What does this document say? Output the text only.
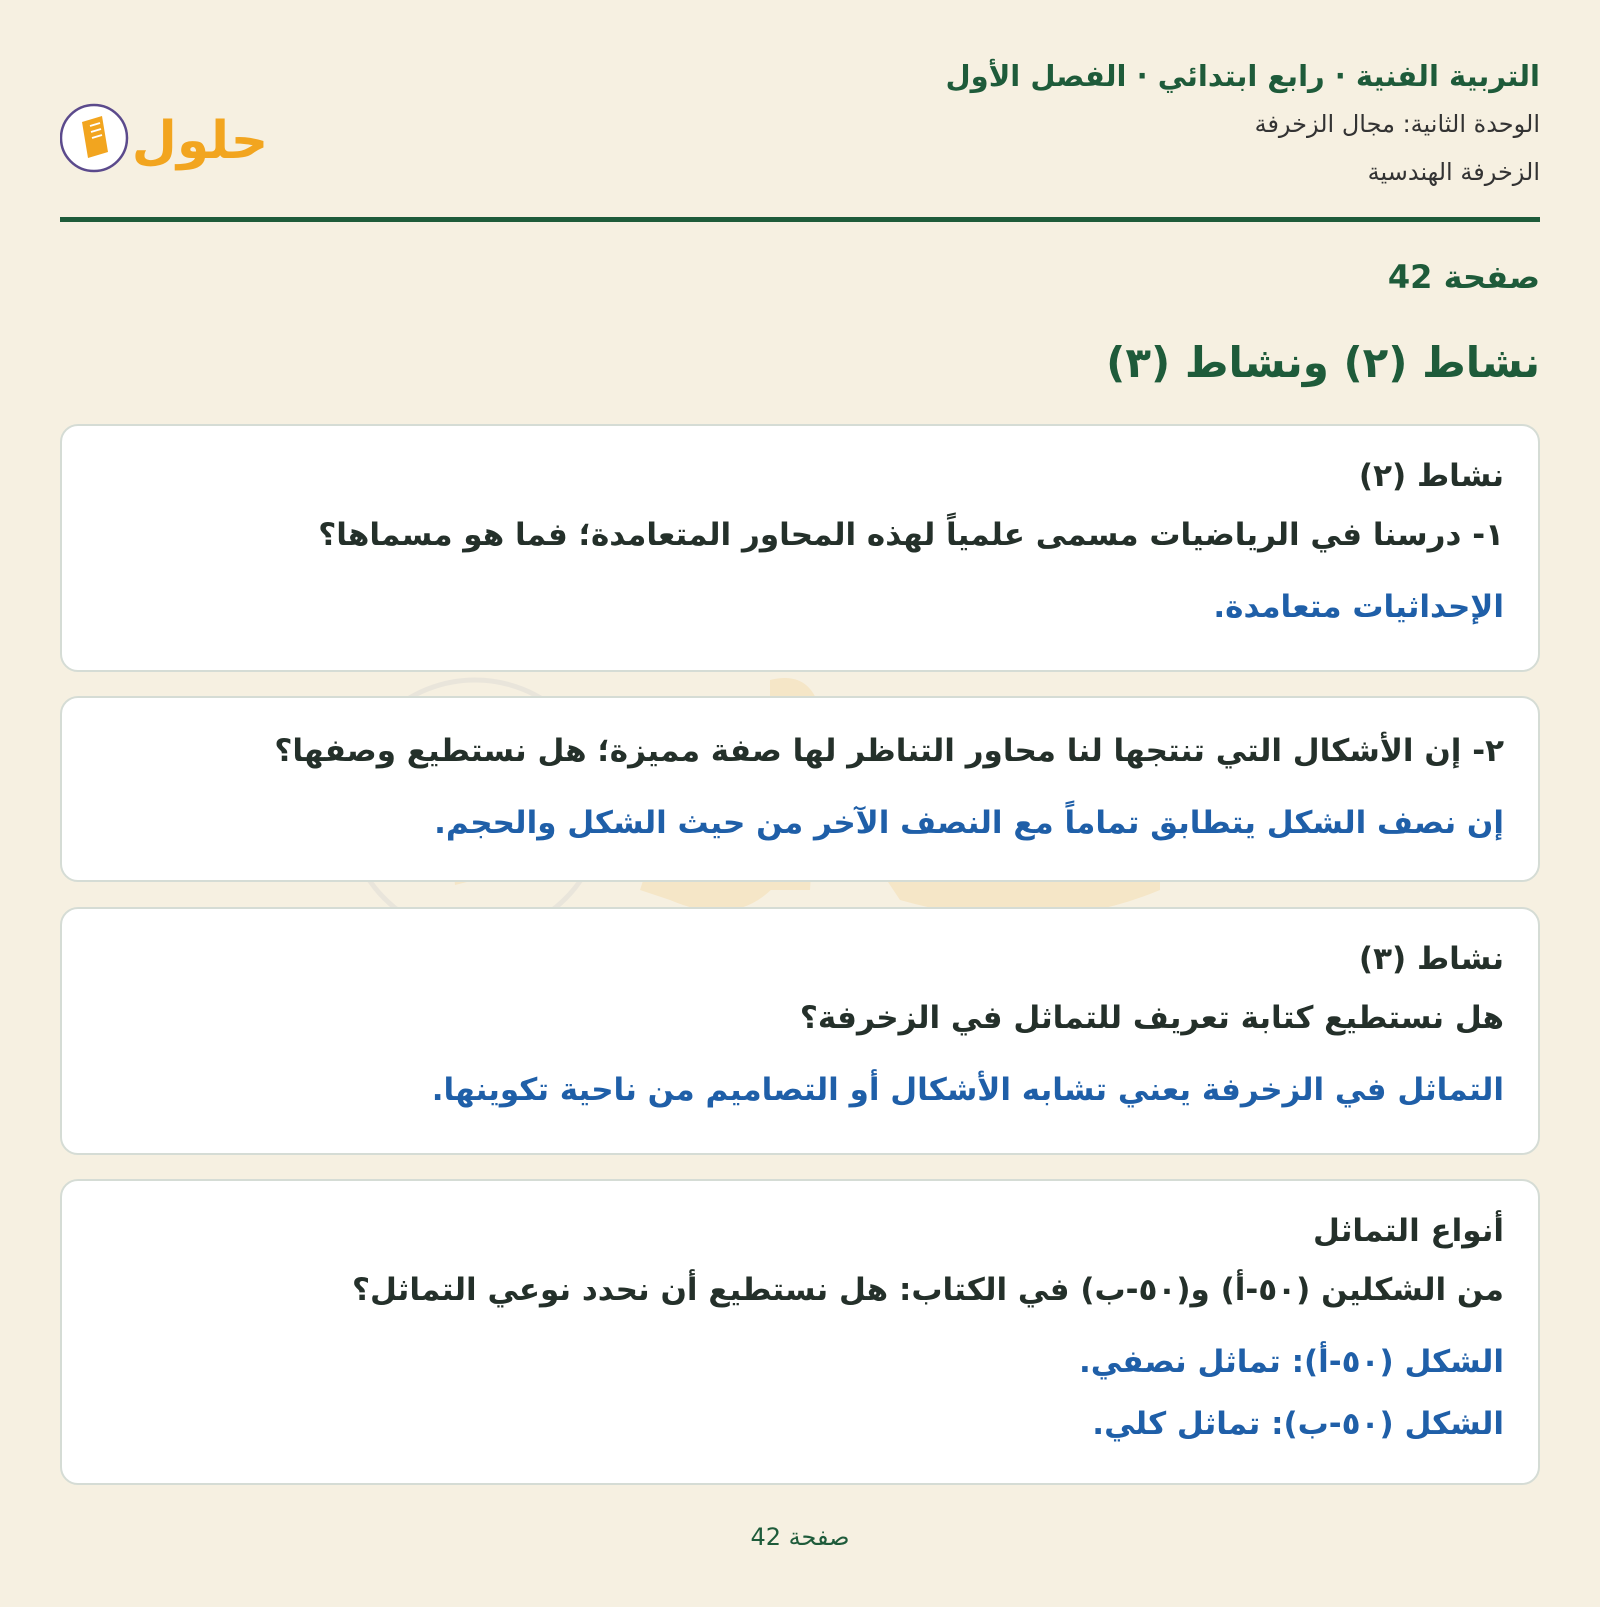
التربية الفنية · رابع ابتدائي · الفصل الأول
الوحدة الثانية: مجال الزخرفة
الزخرفة الهندسية
حلول
صفحة 42
نشاط (٢) ونشاط (٣)
نشاط (٢)
١- درسنا في الرياضيات مسمى علمياً لهذه المحاور المتعامدة؛ فما هو مسماها؟
الإحداثيات متعامدة.
٢- إن الأشكال التي تنتجها لنا محاور التناظر لها صفة مميزة؛ هل نستطيع وصفها؟
إن نصف الشكل يتطابق تماماً مع النصف الآخر من حيث الشكل والحجم.
نشاط (٣)
هل نستطيع كتابة تعريف للتماثل في الزخرفة؟
التماثل في الزخرفة يعني تشابه الأشكال أو التصاميم من ناحية تكوينها.
أنواع التماثل
من الشكلين (٥٠-أ) و(٥٠-ب) في الكتاب: هل نستطيع أن نحدد نوعي التماثل؟
الشكل (٥٠-أ): تماثل نصفي.
الشكل (٥٠-ب): تماثل كلي.
صفحة 42
